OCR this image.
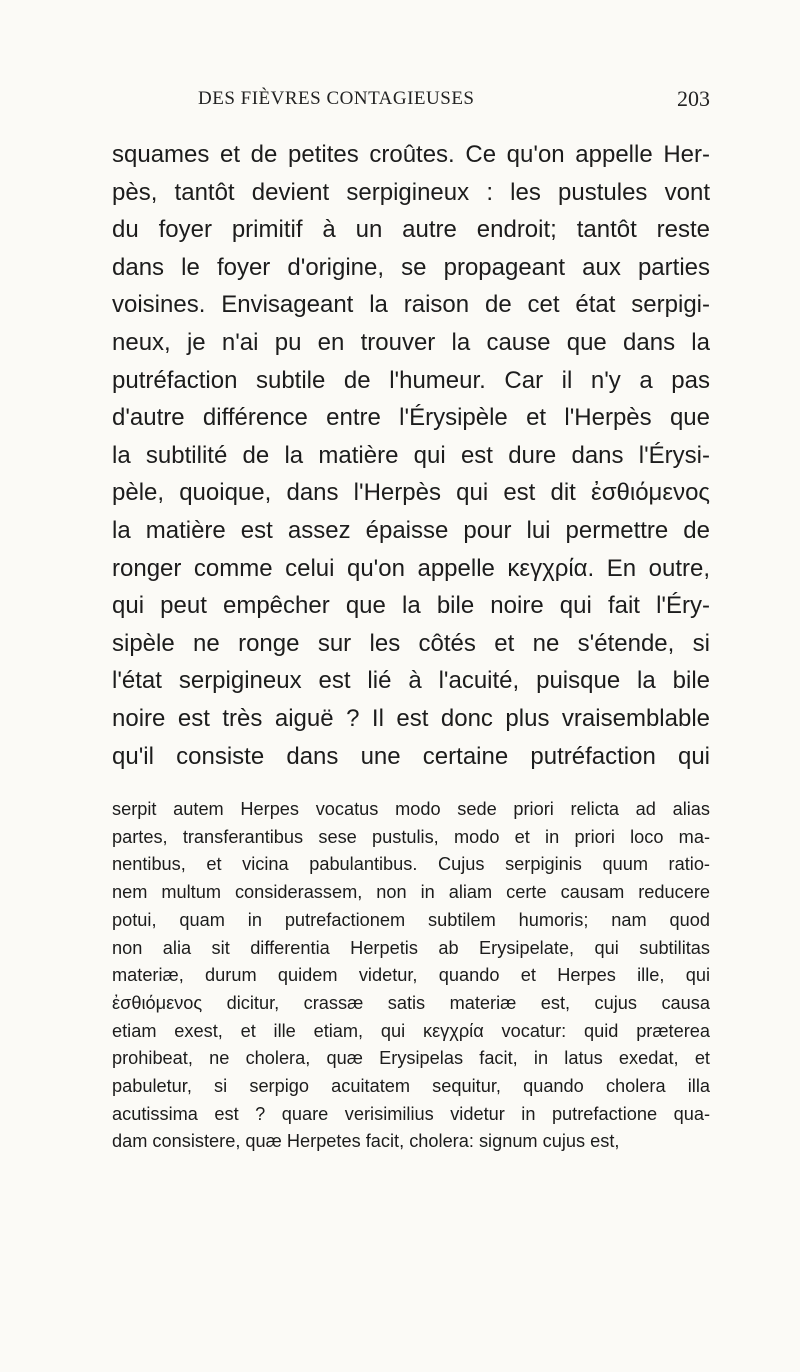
DES FIÈVRES CONTAGIEUSES	203
squames et de petites croûtes. Ce qu'on appelle Her-
pès, tantôt devient serpigineux : les pustules vont
du foyer primitif à un autre endroit; tantôt reste
dans le foyer d'origine, se propageant aux parties
voisines. Envisageant la raison de cet état serpigi-
neux, je n'ai pu en trouver la cause que dans la
putréfaction subtile de l'humeur. Car il n'y a pas
d'autre différence entre l'Érysipèle et l'Herpès que
la subtilité de la matière qui est dure dans l'Érysi-
pèle, quoique, dans l'Herpès qui est dit ἐσθιόμενος
la matière est assez épaisse pour lui permettre de
ronger comme celui qu'on appelle κεγχρία. En outre,
qui peut empêcher que la bile noire qui fait l'Éry-
sipèle ne ronge sur les côtés et ne s'étende, si
l'état serpigineux est lié à l'acuité, puisque la bile
noire est très aiguë ? Il est donc plus vraisemblable
qu'il consiste dans une certaine putréfaction qui
serpit autem Herpes vocatus modo sede priori relicta ad alias
partes, transferantibus sese pustulis, modo et in priori loco ma-
nentibus, et vicina pabulantibus. Cujus serpiginis quum ratio-
nem multum considerassem, non in aliam certe causam reducere
potui, quam in putrefactionem subtilem humoris; nam quod
non alia sit differentia Herpetis ab Erysipelate, qui subtilitas
materiæ, durum quidem videtur, quando et Herpes ille, qui
ἐσθιόμενος dicitur, crassæ satis materiæ est, cujus causa
etiam exest, et ille etiam, qui κεγχρία vocatur: quid præterea
prohibeat, ne cholera, quæ Erysipelas facit, in latus exedat, et
pabuletur, si serpigo acuitatem sequitur, quando cholera illa
acutissima est ? quare verisimilius videtur in putrefactione qua-
dam consistere, quæ Herpetes facit, cholera: signum cujus est,
